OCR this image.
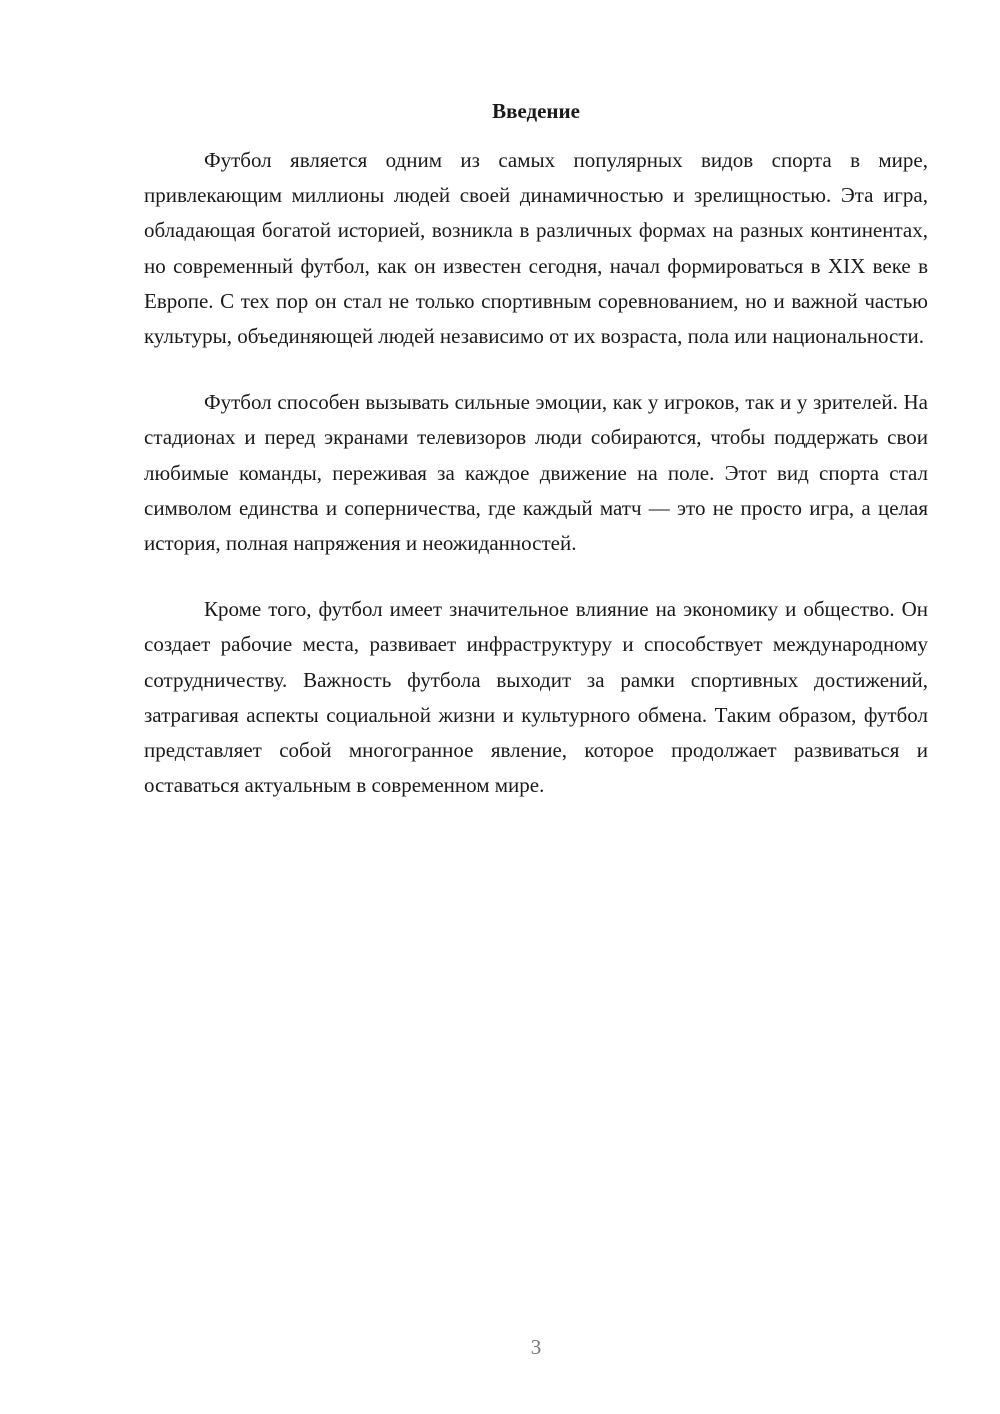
Введение

Футбол является одним из самых популярных видов спорта в мире, привлекающим миллионы людей своей динамичностью и зрелищностью. Эта игра, обладающая богатой историей, возникла в различных формах на разных континентах, но современный футбол, как он известен сегодня, начал формироваться в XIX веке в Европе. С тех пор он стал не только спортивным соревнованием, но и важной частью культуры, объединяющей людей независимо от их возраста, пола или национальности.

Футбол способен вызывать сильные эмоции, как у игроков, так и у зрителей. На стадионах и перед экранами телевизоров люди собираются, чтобы поддержать свои любимые команды, переживая за каждое движение на поле. Этот вид спорта стал символом единства и соперничества, где каждый матч — это не просто игра, а целая история, полная напряжения и неожиданностей.

Кроме того, футбол имеет значительное влияние на экономику и общество. Он создает рабочие места, развивает инфраструктуру и способствует международному сотрудничеству. Важность футбола выходит за рамки спортивных достижений, затрагивая аспекты социальной жизни и культурного обмена. Таким образом, футбол представляет собой многогранное явление, которое продолжает развиваться и оставаться актуальным в современном мире.

3
